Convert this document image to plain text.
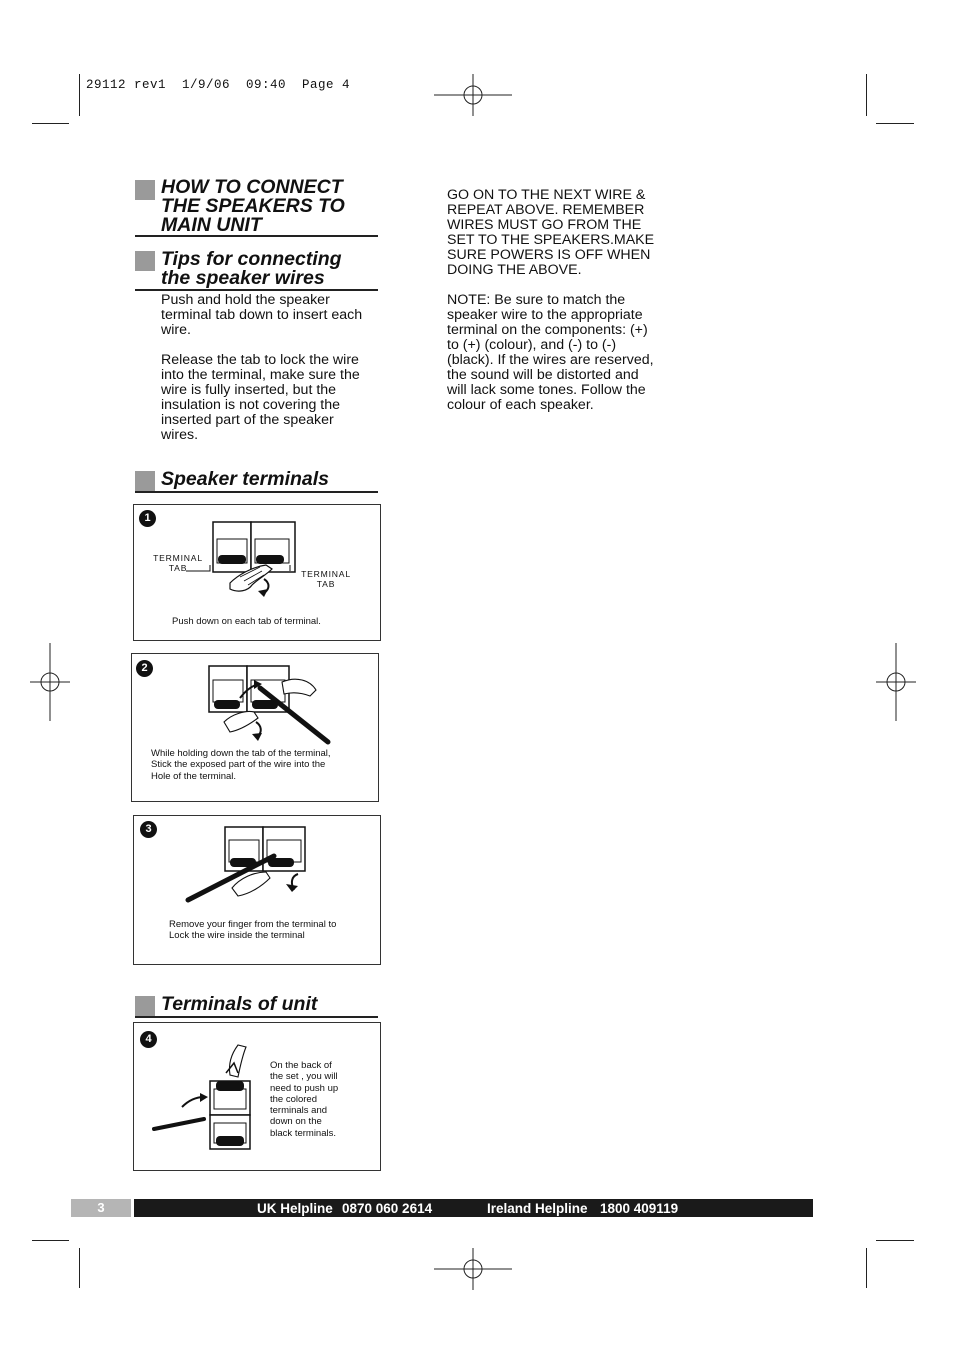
29112 rev1  1/9/06  09:40  Page 4
HOW TO CONNECT
THE SPEAKERS TO
MAIN UNIT
Tips for connecting
the speaker wires
Push and hold the speaker
terminal tab down to insert each
wire.
Release the tab to lock the wire
into the terminal, make sure the
wire is fully inserted, but the
insulation is not covering the
inserted part of the speaker
wires.
Speaker terminals
1
TERMINAL
TAB
TERMINAL
TAB
Push down on each tab of terminal.
2
While holding down the tab of the terminal,
Stick the exposed part of the wire into the
Hole of the terminal.
3
Remove your finger from the terminal to
Lock the wire inside the terminal
Terminals of unit
4
On the back of
the set , you will
need to push up
the colored
terminals and
down on the
black terminals.
GO ON TO THE NEXT WIRE &
REPEAT ABOVE. REMEMBER
WIRES MUST GO FROM THE
SET TO THE SPEAKERS.MAKE
SURE POWERS IS OFF WHEN
DOING THE ABOVE.
NOTE: Be sure to match the
speaker wire to the appropriate
terminal on the components: (+)
to (+) (colour), and (-) to (-)
(black). If the wires are reserved,
the sound will be distorted and
will lack some tones. Follow the
colour of each speaker.
3	UK Helpline 0870 060 2614	Ireland Helpline 1800 409119
